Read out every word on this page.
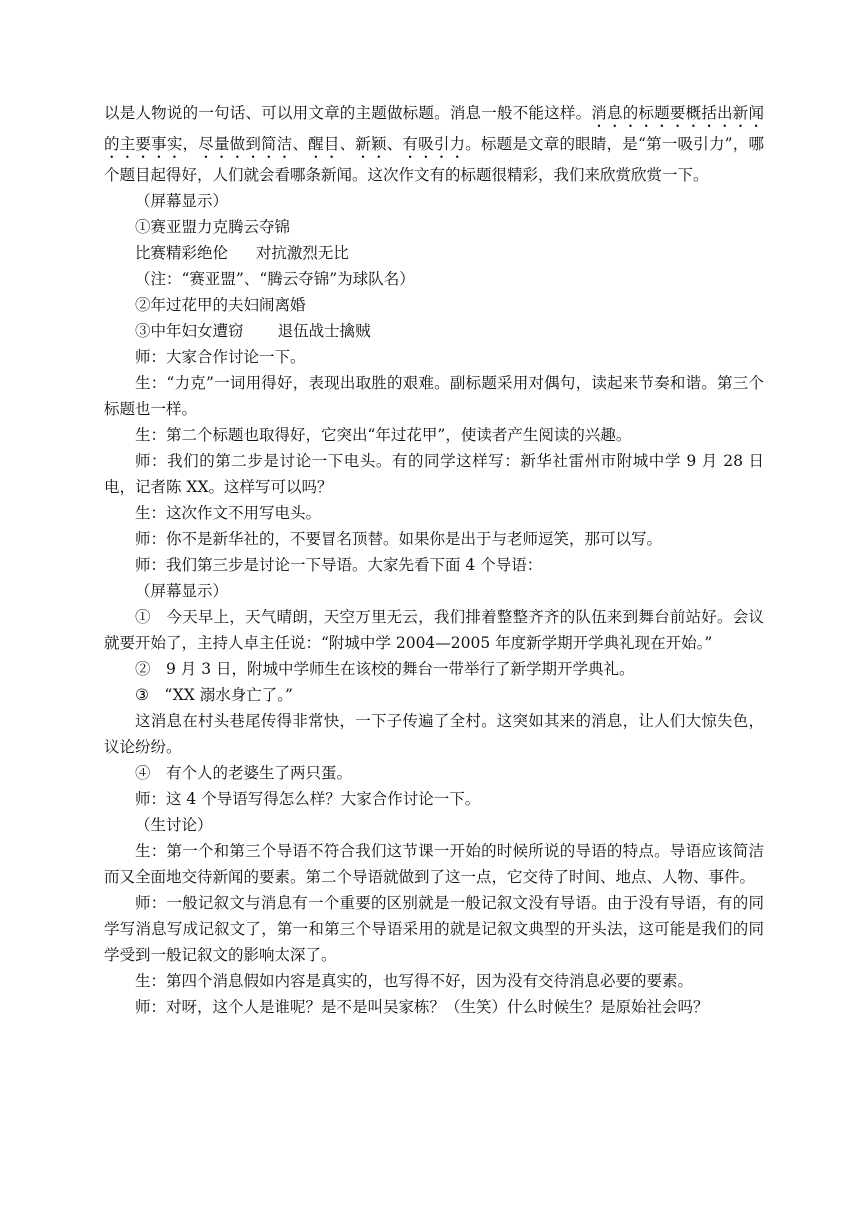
以是人物说的一句话、可以用文章的主题做标题。消息一般不能这样。消息的标题要概括出新闻的主要事实，尽量做到简洁、醒目、新颖、有吸引力。标题是文章的眼睛，是“第一吸引力”，哪个题目起得好，人们就会看哪条新闻。这次作文有的标题很精彩，我们来欣赏欣赏一下。

（屏幕显示）

①赛亚盟力克腾云夺锦

比赛精彩绝伦 对抗激烈无比

（注：“赛亚盟”、“腾云夺锦”为球队名）

②年过花甲的夫妇闹离婚

③中年妇女遭窃 退伍战士擒贼

师：大家合作讨论一下。

生：“力克”一词用得好，表现出取胜的艰难。副标题采用对偶句，读起来节奏和谐。第三个标题也一样。

生：第二个标题也取得好，它突出“年过花甲”，使读者产生阅读的兴趣。

师：我们的第二步是讨论一下电头。有的同学这样写：新华社雷州市附城中学 9 月 28 日电，记者陈 XX。这样写可以吗？

生：这次作文不用写电头。

师：你不是新华社的，不要冒名顶替。如果你是出于与老师逗笑，那可以写。

师：我们第三步是讨论一下导语。大家先看下面 4 个导语：

（屏幕显示）

①　今天早上，天气晴朗，天空万里无云，我们排着整整齐齐的队伍来到舞台前站好。会议就要开始了，主持人卓主任说：“附城中学 2004—2005 年度新学期开学典礼现在开始。”

②　9 月 3 日，附城中学师生在该校的舞台一带举行了新学期开学典礼。

③　“XX 溺水身亡了。”

这消息在村头巷尾传得非常快，一下子传遍了全村。这突如其来的消息，让人们大惊失色，议论纷纷。

④　有个人的老婆生了两只蛋。

师：这 4 个导语写得怎么样？大家合作讨论一下。

（生讨论）

生：第一个和第三个导语不符合我们这节课一开始的时候所说的导语的特点。导语应该简洁而又全面地交待新闻的要素。第二个导语就做到了这一点，它交待了时间、地点、人物、事件。

师：一般记叙文与消息有一个重要的区别就是一般记叙文没有导语。由于没有导语，有的同学写消息写成记叙文了，第一和第三个导语采用的就是记叙文典型的开头法，这可能是我们的同学受到一般记叙文的影响太深了。

生：第四个消息假如内容是真实的，也写得不好，因为没有交待消息必要的要素。

师：对呀，这个人是谁呢？是不是叫吴家栋？（生笑）什么时候生？是原始社会吗？
